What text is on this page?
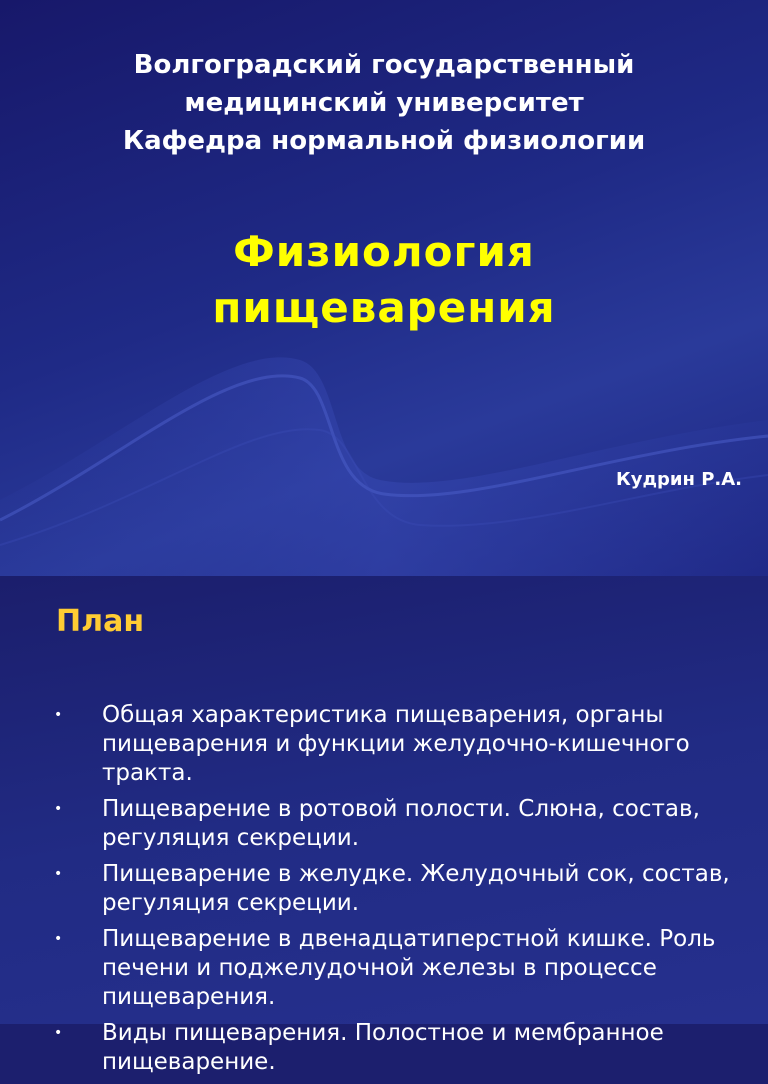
Волгоградский государственный
медицинский университет
Кафедра нормальной физиологии
Физиология
пищеварения
Кудрин Р.А.
План
• Общая характеристика пищеварения, органы пищеварения и функции желудочно-кишечного тракта.
• Пищеварение в ротовой полости. Слюна, состав, регуляция секреции.
• Пищеварение в желудке. Желудочный сок, состав, регуляция секреции.
• Пищеварение в двенадцатиперстной кишке. Роль печени и поджелудочной железы в процессе пищеварения.
• Виды пищеварения. Полостное и мембранное пищеварение.
